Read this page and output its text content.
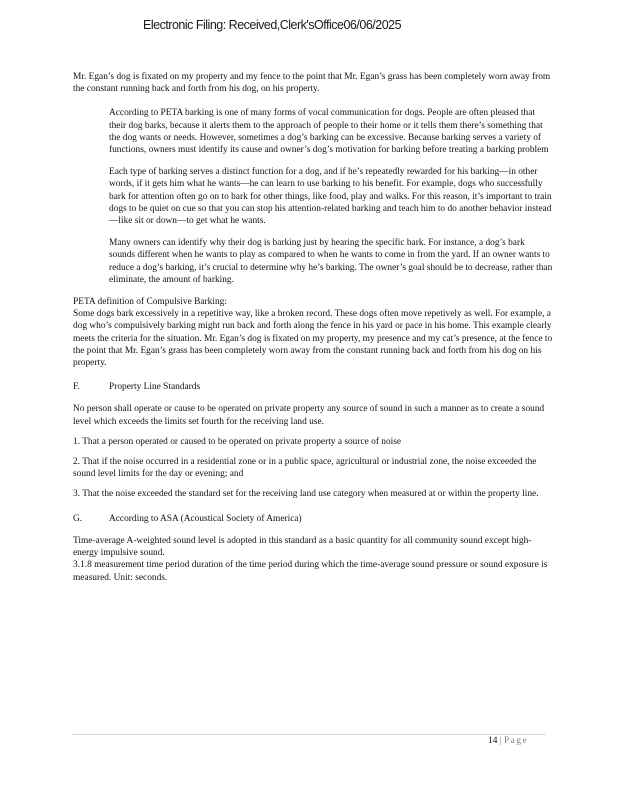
Electronic Filing: Received,Clerk'sOffice06/06/2025

Mr. Egan’s dog is fixated on my property and my fence to the point that Mr. Egan’s grass has been completely worn away from the constant running back and forth from his dog, on his property.

According to PETA barking is one of many forms of vocal communication for dogs. People are often pleased that their dog barks, because it alerts them to the approach of people to their home or it tells them there’s something that the dog wants or needs. However, sometimes a dog’s barking can be excessive. Because barking serves a variety of functions, owners must identify its cause and owner’s dog’s motivation for barking before treating a barking problem

Each type of barking serves a distinct function for a dog, and if he’s repeatedly rewarded for his barking—in other words, if it gets him what he wants—he can learn to use barking to his benefit. For example, dogs who successfully bark for attention often go on to bark for other things, like food, play and walks. For this reason, it’s important to train dogs to be quiet on cue so that you can stop his attention-related barking and teach him to do another behavior instead—like sit or down—to get what he wants.

Many owners can identify why their dog is barking just by hearing the specific bark. For instance, a dog’s bark sounds different when he wants to play as compared to when he wants to come in from the yard. If an owner wants to reduce a dog’s barking, it’s crucial to determine why he’s barking. The owner’s goal should be to decrease, rather than eliminate, the amount of barking.

PETA definition of Compulsive Barking:

Some dogs bark excessively in a repetitive way, like a broken record. These dogs often move repetively as well. For example, a dog who’s compulsively barking might run back and forth along the fence in his yard or pace in his home. This example clearly meets the criteria for the situation. Mr. Egan’s dog is fixated on my property, my presence and my cat’s presence, at the fence to the point that Mr. Egan’s grass has been completely worn away from the constant running back and forth from his dog on his property.

F.	Property Line Standards

No person shall operate or cause to be operated on private property any source of sound in such a manner as to create a sound level which exceeds the limits set fourth for the receiving land use.

1. That a person operated or caused to be operated on private property a source of noise

2. That if the noise occurred in a residential zone or in a public space, agricultural or industrial zone, the noise exceeded the sound level limits for the day or evening; and

3. That the noise exceeded the standard set for the receiving land use category when measured at or within the property line.

G.	According to ASA (Acoustical Society of America)

Time-average A-weighted sound level is adopted in this standard as a basic quantity for all community sound except high-energy impulsive sound.

3.1.8 measurement time period duration of the time period during which the time-average sound pressure or sound exposure is measured. Unit: seconds.

14 | Page
